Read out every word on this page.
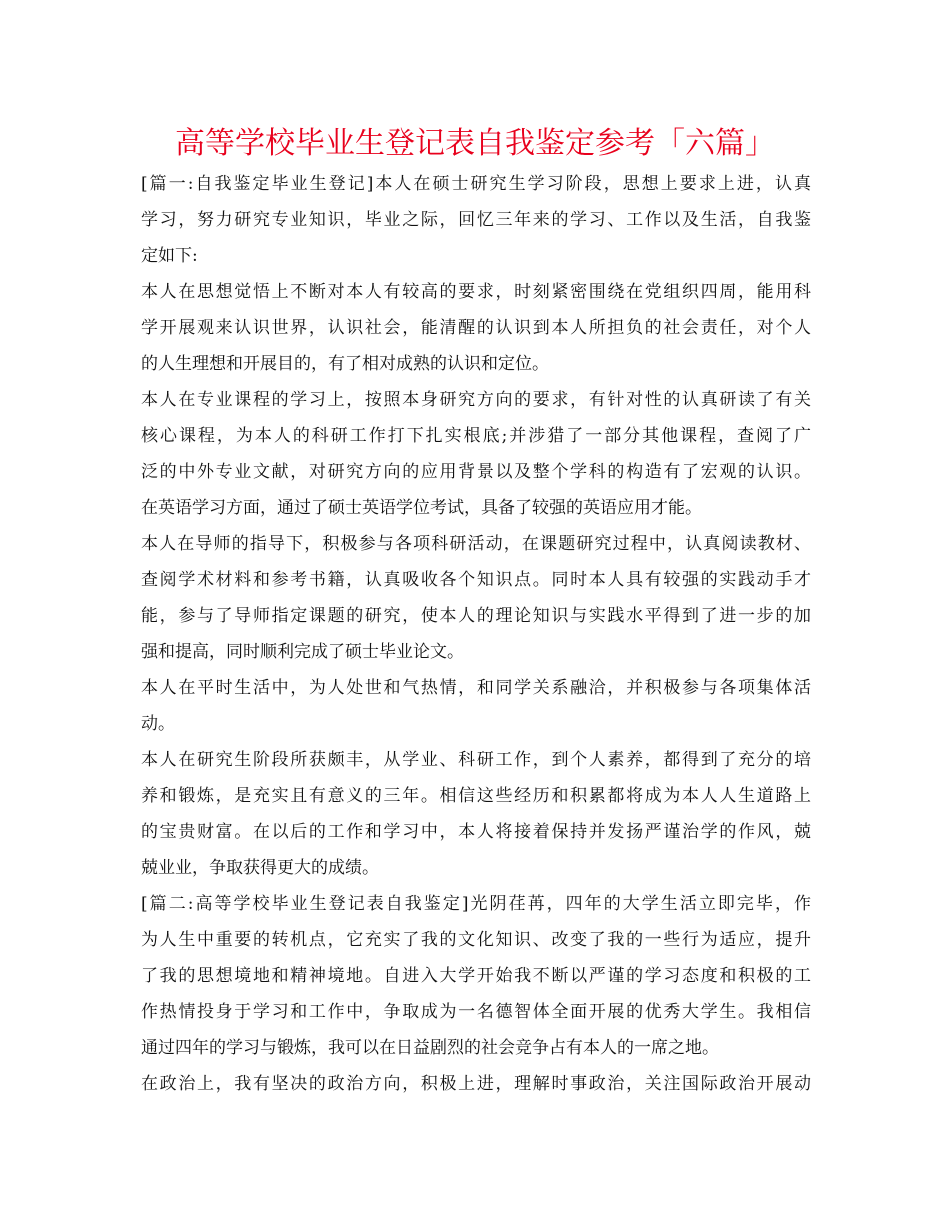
高等学校毕业生登记表自我鉴定参考「六篇」
[篇一:自我鉴定毕业生登记]本人在硕士研究生学习阶段，思想上要求上进，认真
学习，努力研究专业知识，毕业之际，回忆三年来的学习、工作以及生活，自我鉴
定如下:
本人在思想觉悟上不断对本人有较高的要求，时刻紧密围绕在党组织四周，能用科
学开展观来认识世界，认识社会，能清醒的认识到本人所担负的社会责任，对个人
的人生理想和开展目的，有了相对成熟的认识和定位。
本人在专业课程的学习上，按照本身研究方向的要求，有针对性的认真研读了有关
核心课程，为本人的科研工作打下扎实根底;并涉猎了一部分其他课程，查阅了广
泛的中外专业文献，对研究方向的应用背景以及整个学科的构造有了宏观的认识。
在英语学习方面，通过了硕士英语学位考试，具备了较强的英语应用才能。
本人在导师的指导下，积极参与各项科研活动，在课题研究过程中，认真阅读教材、
查阅学术材料和参考书籍，认真吸收各个知识点。同时本人具有较强的实践动手才
能，参与了导师指定课题的研究，使本人的理论知识与实践水平得到了进一步的加
强和提高，同时顺利完成了硕士毕业论文。
本人在平时生活中，为人处世和气热情，和同学关系融洽，并积极参与各项集体活
动。
本人在研究生阶段所获颇丰，从学业、科研工作，到个人素养，都得到了充分的培
养和锻炼，是充实且有意义的三年。相信这些经历和积累都将成为本人人生道路上
的宝贵财富。在以后的工作和学习中，本人将接着保持并发扬严谨治学的作风，兢
兢业业，争取获得更大的成绩。
[篇二:高等学校毕业生登记表自我鉴定]光阴荏苒，四年的大学生活立即完毕，作
为人生中重要的转机点，它充实了我的文化知识、改变了我的一些行为适应，提升
了我的思想境地和精神境地。自进入大学开始我不断以严谨的学习态度和积极的工
作热情投身于学习和工作中，争取成为一名德智体全面开展的优秀大学生。我相信
通过四年的学习与锻炼，我可以在日益剧烈的社会竞争占有本人的一席之地。
在政治上，我有坚决的政治方向，积极上进，理解时事政治，关注国际政治开展动
